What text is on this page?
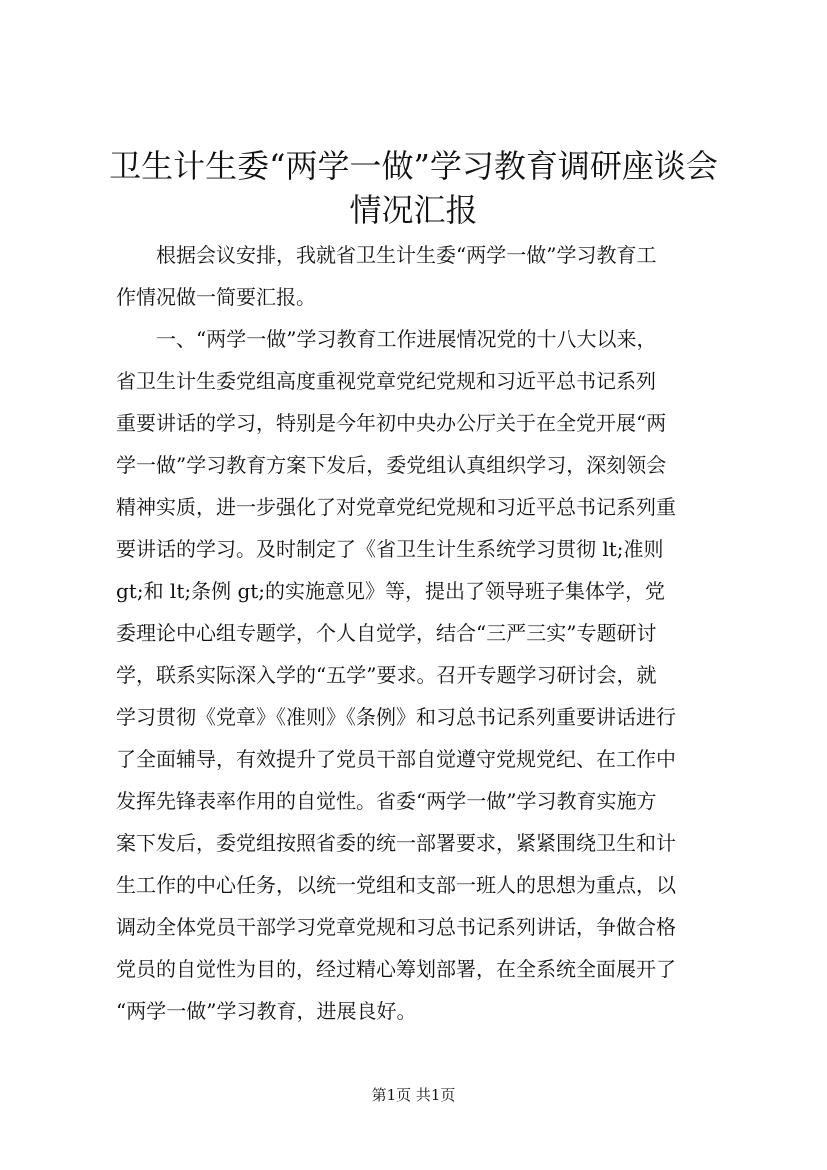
卫生计生委“两学一做”学习教育调研座谈会
情况汇报

　　根据会议安排，我就省卫生计生委“两学一做”学习教育工

作情况做一简要汇报。

　　一、“两学一做”学习教育工作进展情况党的十八大以来，

省卫生计生委党组高度重视党章党纪党规和习近平总书记系列

重要讲话的学习，特别是今年初中央办公厅关于在全党开展“两

学一做”学习教育方案下发后，委党组认真组织学习，深刻领会

精神实质，进一步强化了对党章党纪党规和习近平总书记系列重

要讲话的学习。及时制定了《省卫生计生系统学习贯彻 lt;准则

gt;和 lt;条例 gt;的实施意见》等，提出了领导班子集体学，党

委理论中心组专题学，个人自觉学，结合“三严三实”专题研讨

学，联系实际深入学的“五学”要求。召开专题学习研讨会，就

学习贯彻《党章》《准则》《条例》和习总书记系列重要讲话进行

了全面辅导，有效提升了党员干部自觉遵守党规党纪、在工作中

发挥先锋表率作用的自觉性。省委“两学一做”学习教育实施方

案下发后，委党组按照省委的统一部署要求，紧紧围绕卫生和计

生工作的中心任务，以统一党组和支部一班人的思想为重点，以

调动全体党员干部学习党章党规和习总书记系列讲话，争做合格

党员的自觉性为目的，经过精心筹划部署，在全系统全面展开了

“两学一做”学习教育，进展良好。

第1页 共1页
